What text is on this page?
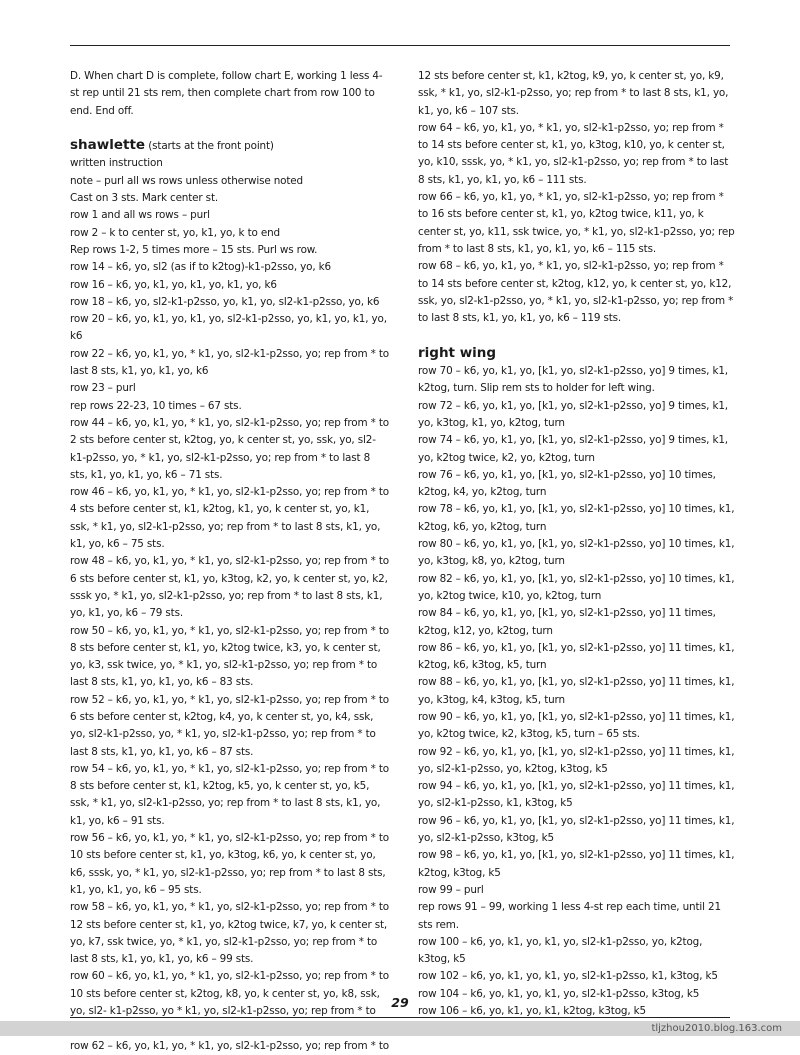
D. When chart D is complete, follow chart E, working 1 less 4-st rep until 21 sts rem, then complete chart from row 100 to end. End off.

shawlette (starts at the front point)

written instruction

note – purl all ws rows unless otherwise noted

Cast on 3 sts. Mark center st.

row 1 and all ws rows – purl

row 2 – k to center st, yo, k1, yo, k to end

Rep rows 1-2, 5 times more – 15 sts. Purl ws row.

row 14 – k6, yo, sl2 (as if to k2tog)-k1-p2sso, yo, k6

row 16 – k6, yo, k1, yo, k1, yo, k1, yo, k6

row 18 – k6, yo, sl2-k1-p2sso, yo, k1, yo, sl2-k1-p2sso, yo, k6

row 20 – k6, yo, k1, yo, k1, yo, sl2-k1-p2sso, yo, k1, yo, k1, yo, k6

row 22 – k6, yo, k1, yo, * k1, yo, sl2-k1-p2sso, yo; rep from * to last 8 sts, k1, yo, k1, yo, k6

row 23 – purl

rep rows 22-23, 10 times – 67 sts.

row 44 – k6, yo, k1, yo, * k1, yo, sl2-k1-p2sso, yo; rep from * to 2 sts before center st, k2tog, yo, k center st, yo, ssk, yo, sl2- k1-p2sso, yo, * k1, yo, sl2-k1-p2sso, yo; rep from * to last 8 sts, k1, yo, k1, yo, k6 – 71 sts.

row 46 – k6, yo, k1, yo, * k1, yo, sl2-k1-p2sso, yo; rep from * to 4 sts before center st, k1, k2tog, k1, yo, k center st, yo, k1, ssk, * k1, yo, sl2-k1-p2sso, yo; rep from * to last 8 sts, k1, yo, k1, yo, k6 – 75 sts.

row 48 – k6, yo, k1, yo, * k1, yo, sl2-k1-p2sso, yo; rep from * to 6 sts before center st, k1, yo, k3tog, k2, yo, k center st, yo, k2, sssk yo, * k1, yo, sl2-k1-p2sso, yo; rep from * to last 8 sts, k1, yo, k1, yo, k6 – 79 sts.

row 50 – k6, yo, k1, yo, * k1, yo, sl2-k1-p2sso, yo; rep from * to 8 sts before center st, k1, yo, k2tog twice, k3, yo, k center st, yo, k3, ssk twice, yo, * k1, yo, sl2-k1-p2sso, yo; rep from * to last 8 sts, k1, yo, k1, yo, k6 – 83 sts.

row 52 – k6, yo, k1, yo, * k1, yo, sl2-k1-p2sso, yo; rep from * to 6 sts before center st, k2tog, k4, yo, k center st, yo, k4, ssk, yo, sl2-k1-p2sso, yo, * k1, yo, sl2-k1-p2sso, yo; rep from * to last 8 sts, k1, yo, k1, yo, k6 – 87 sts.

row 54 – k6, yo, k1, yo, * k1, yo, sl2-k1-p2sso, yo; rep from * to 8 sts before center st, k1, k2tog, k5, yo, k center st, yo, k5, ssk, * k1, yo, sl2-k1-p2sso, yo; rep from * to last 8 sts, k1, yo, k1, yo, k6 – 91 sts.

row 56 – k6, yo, k1, yo, * k1, yo, sl2-k1-p2sso, yo; rep from * to 10 sts before center st, k1, yo, k3tog, k6, yo, k center st, yo, k6, sssk, yo, * k1, yo, sl2-k1-p2sso, yo; rep from * to last 8 sts, k1, yo, k1, yo, k6 – 95 sts.

row 58 – k6, yo, k1, yo, * k1, yo, sl2-k1-p2sso, yo; rep from * to 12 sts before center st, k1, yo, k2tog twice, k7, yo, k center st, yo, k7, ssk twice, yo, * k1, yo, sl2-k1-p2sso, yo; rep from * to last 8 sts, k1, yo, k1, yo, k6 – 99 sts.

row 60 – k6, yo, k1, yo, * k1, yo, sl2-k1-p2sso, yo; rep from * to 10 sts before center st, k2tog, k8, yo, k center st, yo, k8, ssk, yo, sl2- k1-p2sso, yo * k1, yo, sl2-k1-p2sso, yo; rep from * to

row 62 – k6, yo, k1, yo, * k1, yo, sl2-k1-p2sso, yo; rep from * to

12 sts before center st, k1, k2tog, k9, yo, k center st, yo, k9, ssk, * k1, yo, sl2-k1-p2sso, yo; rep from * to last 8 sts, k1, yo, k1, yo, k6 – 107 sts.

row 64 – k6, yo, k1, yo, * k1, yo, sl2-k1-p2sso, yo; rep from * to 14 sts before center st, k1, yo, k3tog, k10, yo, k center st, yo, k10, sssk, yo, * k1, yo, sl2-k1-p2sso, yo; rep from * to last 8 sts, k1, yo, k1, yo, k6 – 111 sts.

row 66 – k6, yo, k1, yo, * k1, yo, sl2-k1-p2sso, yo; rep from * to 16 sts before center st, k1, yo, k2tog twice, k11, yo, k center st, yo, k11, ssk twice, yo, * k1, yo, sl2-k1-p2sso, yo; rep from * to last 8 sts, k1, yo, k1, yo, k6 – 115 sts.

row 68 – k6, yo, k1, yo, * k1, yo, sl2-k1-p2sso, yo; rep from * to 14 sts before center st, k2tog, k12, yo, k center st, yo, k12, ssk, yo, sl2-k1-p2sso, yo, * k1, yo, sl2-k1-p2sso, yo; rep from * to last 8 sts, k1, yo, k1, yo, k6 – 119 sts.

right wing

row 70 – k6, yo, k1, yo, [k1, yo, sl2-k1-p2sso, yo] 9 times, k1, k2tog, turn. Slip rem sts to holder for left wing.

row 72 – k6, yo, k1, yo, [k1, yo, sl2-k1-p2sso, yo] 9 times, k1, yo, k3tog, k1, yo, k2tog, turn

row 74 – k6, yo, k1, yo, [k1, yo, sl2-k1-p2sso, yo] 9 times, k1, yo, k2tog twice, k2, yo, k2tog, turn

row 76 – k6, yo, k1, yo, [k1, yo, sl2-k1-p2sso, yo] 10 times, k2tog, k4, yo, k2tog, turn

row 78 – k6, yo, k1, yo, [k1, yo, sl2-k1-p2sso, yo] 10 times, k1, k2tog, k6, yo, k2tog, turn

row 80 – k6, yo, k1, yo, [k1, yo, sl2-k1-p2sso, yo] 10 times, k1, yo, k3tog, k8, yo, k2tog, turn

row 82 – k6, yo, k1, yo, [k1, yo, sl2-k1-p2sso, yo] 10 times, k1, yo, k2tog twice, k10, yo, k2tog, turn

row 84 – k6, yo, k1, yo, [k1, yo, sl2-k1-p2sso, yo] 11 times, k2tog, k12, yo, k2tog, turn

row 86 – k6, yo, k1, yo, [k1, yo, sl2-k1-p2sso, yo] 11 times, k1, k2tog, k6, k3tog, k5, turn

row 88 – k6, yo, k1, yo, [k1, yo, sl2-k1-p2sso, yo] 11 times, k1, yo, k3tog, k4, k3tog, k5, turn

row 90 – k6, yo, k1, yo, [k1, yo, sl2-k1-p2sso, yo] 11 times, k1, yo, k2tog twice, k2, k3tog, k5, turn – 65 sts.

row 92 – k6, yo, k1, yo, [k1, yo, sl2-k1-p2sso, yo] 11 times, k1, yo, sl2-k1-p2sso, yo, k2tog, k3tog, k5

row 94 – k6, yo, k1, yo, [k1, yo, sl2-k1-p2sso, yo] 11 times, k1, yo, sl2-k1-p2sso, k1, k3tog, k5

row 96 – k6, yo, k1, yo, [k1, yo, sl2-k1-p2sso, yo] 11 times, k1, yo, sl2-k1-p2sso, k3tog, k5

row 98 – k6, yo, k1, yo, [k1, yo, sl2-k1-p2sso, yo] 11 times, k1, k2tog, k3tog, k5

row 99 – purl

rep rows 91 – 99, working 1 less 4-st rep each time, until 21 sts rem.

row 100 – k6, yo, k1, yo, k1, yo, sl2-k1-p2sso, yo, k2tog, k3tog, k5

row 102 – k6, yo, k1, yo, k1, yo, sl2-k1-p2sso, k1, k3tog, k5

row 104 – k6, yo, k1, yo, k1, yo, sl2-k1-p2sso, k3tog, k5

row 106 – k6, yo, k1, yo, k1, k2tog, k3tog, k5

29
tljzhou2010.blog.163.com
